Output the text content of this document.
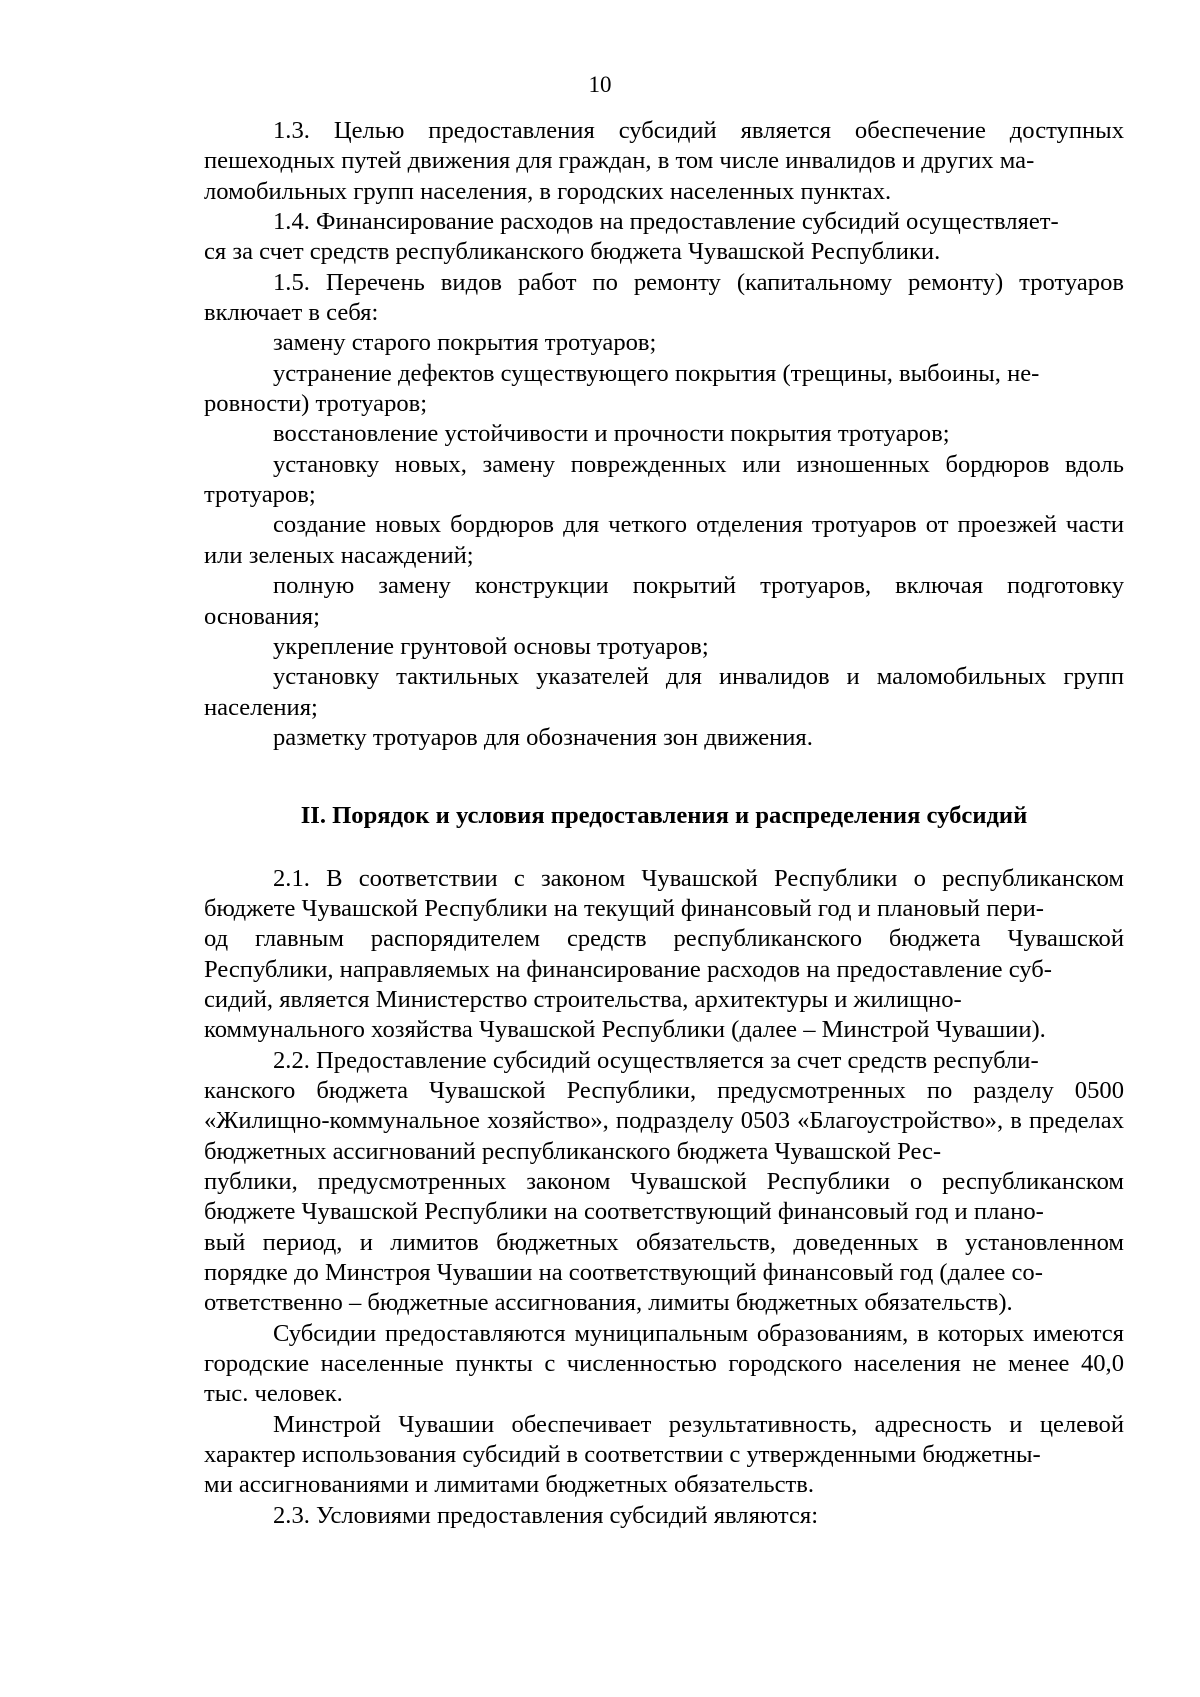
10

1.3. Целью предоставления субсидий является обеспечение доступных пешеходных путей движения для граждан, в том числе инвалидов и других ма-
ломобильных групп населения, в городских населенных пунктах.

1.4. Финансирование расходов на предоставление субсидий осуществляет-
ся за счет средств республиканского бюджета Чувашской Республики.

1.5. Перечень видов работ по ремонту (капитальному ремонту) тротуаров включает в себя:

замену старого покрытия тротуаров;

устранение дефектов существующего покрытия (трещины, выбоины, не-
ровности) тротуаров;

восстановление устойчивости и прочности покрытия тротуаров;

установку новых, замену поврежденных или изношенных бордюров вдоль тротуаров;

создание новых бордюров для четкого отделения тротуаров от проезжей части или зеленых насаждений;

полную замену конструкции покрытий тротуаров, включая подготовку основания;

укрепление грунтовой основы тротуаров;

установку тактильных указателей для инвалидов и маломобильных групп населения;

разметку тротуаров для обозначения зон движения.

II. Порядок и условия предоставления и распределения субсидий

2.1. В соответствии с законом Чувашской Республики о республиканском бюджете Чувашской Республики на текущий финансовый год и плановый пери-
од главным распорядителем средств республиканского бюджета Чувашской Республики, направляемых на финансирование расходов на предоставление суб-
сидий, является Министерство строительства, архитектуры и жилищно-
коммунального хозяйства Чувашской Республики (далее – Минстрой Чувашии).

2.2. Предоставление субсидий осуществляется за счет средств республи-
канского бюджета Чувашской Республики, предусмотренных по разделу 0500 «Жилищно-коммунальное хозяйство», подразделу 0503 «Благоустройство», в пределах бюджетных ассигнований республиканского бюджета Чувашской Рес-
публики, предусмотренных законом Чувашской Республики о республиканском бюджете Чувашской Республики на соответствующий финансовый год и плано-
вый период, и лимитов бюджетных обязательств, доведенных в установленном порядке до Минстроя Чувашии на соответствующий финансовый год (далее со-
ответственно – бюджетные ассигнования, лимиты бюджетных обязательств).

Субсидии предоставляются муниципальным образованиям, в которых имеются городские населенные пункты с численностью городского населения не менее 40,0 тыс. человек.

Минстрой Чувашии обеспечивает результативность, адресность и целевой характер использования субсидий в соответствии с утвержденными бюджетны-
ми ассигнованиями и лимитами бюджетных обязательств.

2.3. Условиями предоставления субсидий являются:
